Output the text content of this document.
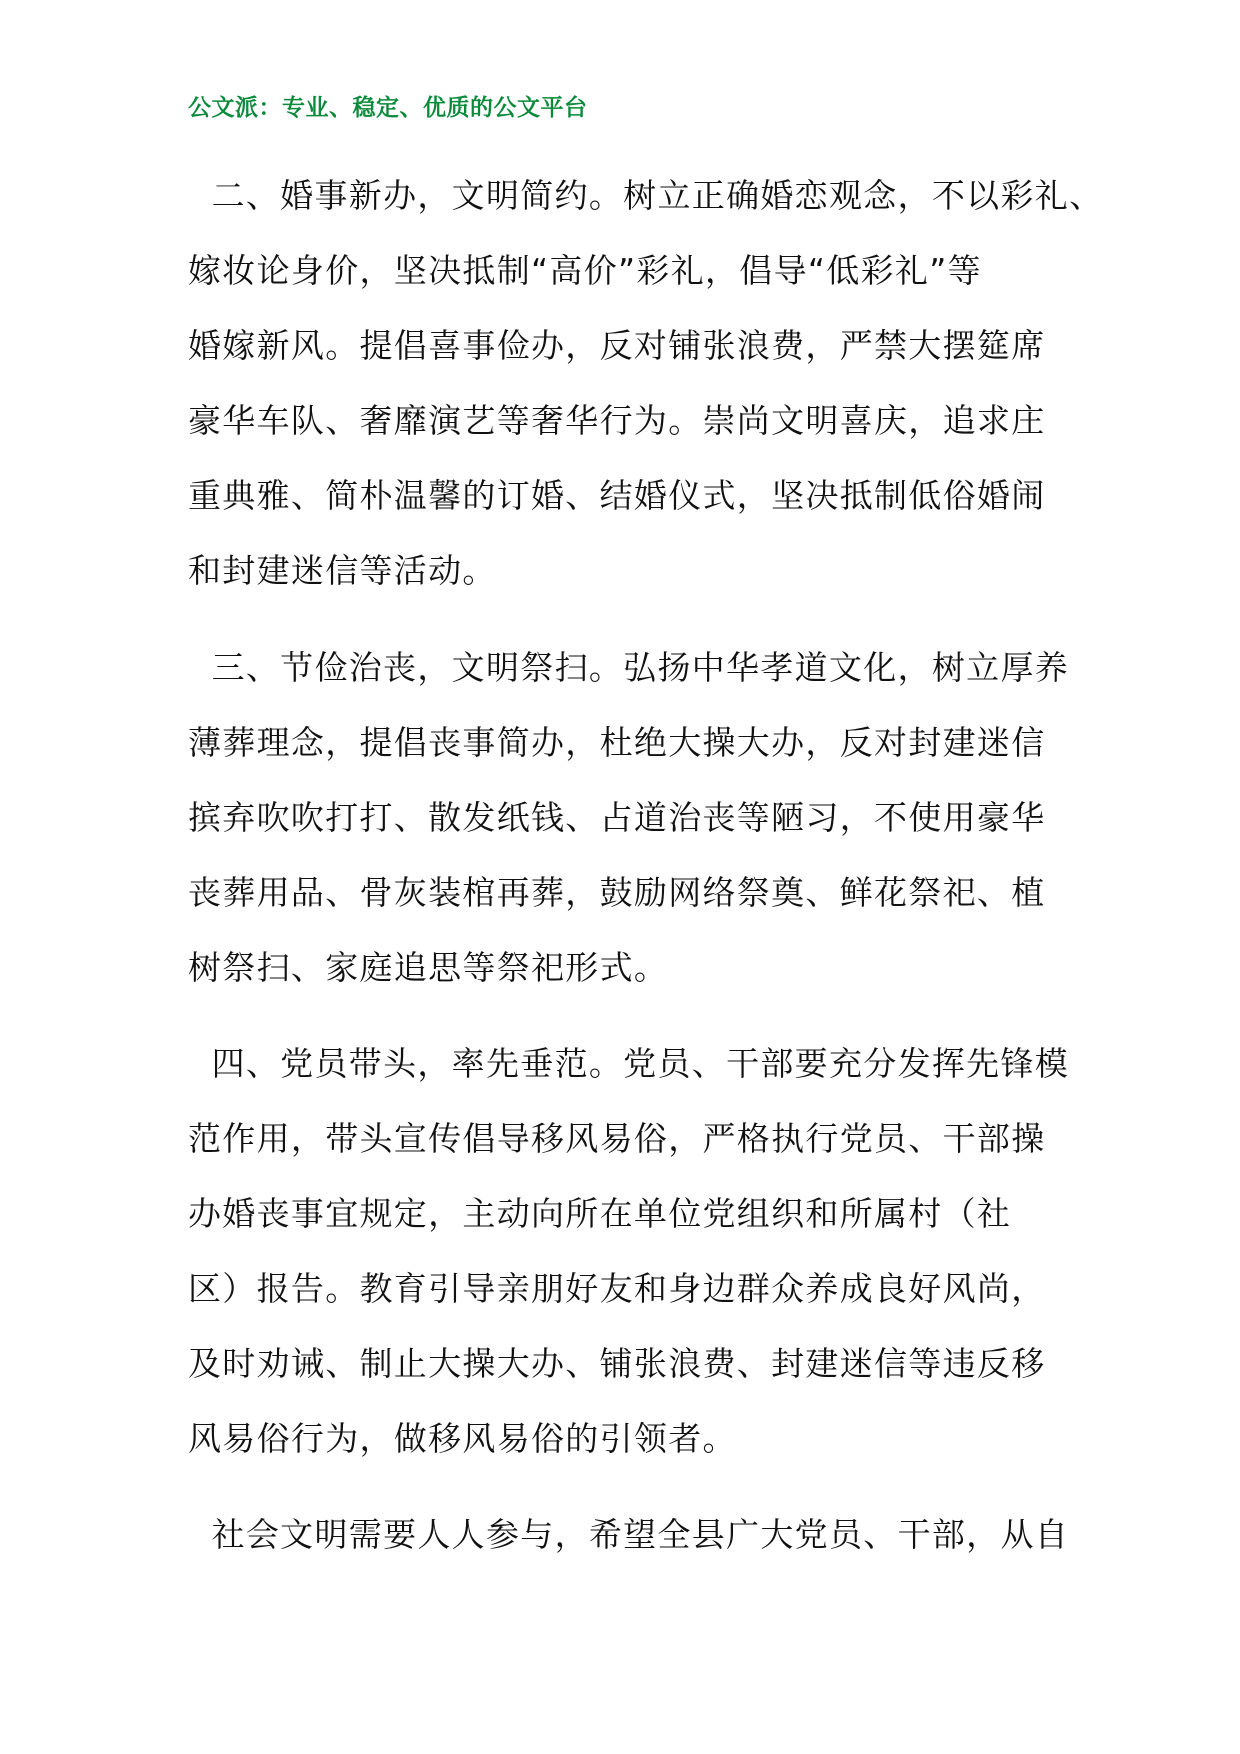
公文派：专业、稳定、优质的公文平台
二、婚事新办，文明简约。树立正确婚恋观念，不以彩礼、
嫁妆论身价，坚决抵制“高价”彩礼，倡导“低彩礼”等
婚嫁新风。提倡喜事俭办，反对铺张浪费，严禁大摆筵席
豪华车队、奢靡演艺等奢华行为。崇尚文明喜庆，追求庄
重典雅、简朴温馨的订婚、结婚仪式，坚决抵制低俗婚闹
和封建迷信等活动。
三、节俭治丧，文明祭扫。弘扬中华孝道文化，树立厚养
薄葬理念，提倡丧事简办，杜绝大操大办，反对封建迷信
摈弃吹吹打打、散发纸钱、占道治丧等陋习，不使用豪华
丧葬用品、骨灰装棺再葬，鼓励网络祭奠、鲜花祭祀、植
树祭扫、家庭追思等祭祀形式。
四、党员带头，率先垂范。党员、干部要充分发挥先锋模
范作用，带头宣传倡导移风易俗，严格执行党员、干部操
办婚丧事宜规定，主动向所在单位党组织和所属村（社
区）报告。教育引导亲朋好友和身边群众养成良好风尚，
及时劝诫、制止大操大办、铺张浪费、封建迷信等违反移
风易俗行为，做移风易俗的引领者。
社会文明需要人人参与，希望全县广大党员、干部，从自
